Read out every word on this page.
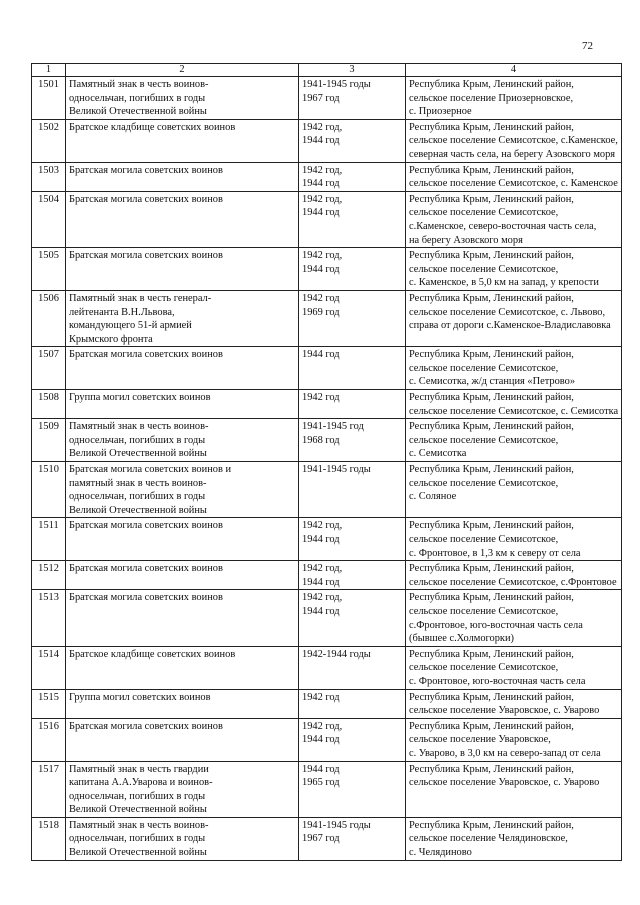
72
1	2	3	4
1501	Памятный знак в честь воинов-
односельчан, погибших в годы
Великой Отечественной войны	1941-1945 годы
1967 год	Республика Крым, Ленинский район,
сельское поселение Приозерновское,
с. Приозерное

1502	Братское кладбище советских воинов	1942 год,
1944 год	Республика Крым, Ленинский район,
сельское поселение Семисотское, с.Каменское,
северная часть села, на берегу Азовского моря

1503	Братская могила советских воинов	1942 год,
1944 год	Республика Крым, Ленинский район,
сельское поселение Семисотское, с. Каменское

1504	Братская могила советских воинов	1942 год,
1944 год	Республика Крым, Ленинский район,
сельское поселение Семисотское,
с.Каменское, северо-восточная часть села,
на берегу Азовского моря

1505	Братская могила советских воинов	1942 год,
1944 год	Республика Крым, Ленинский район,
сельское поселение Семисотское,
с. Каменское, в 5,0 км на запад, у крепости

1506	Памятный знак в честь генерал-
лейтенанта В.Н.Львова,
командующего 51-й армией
Крымского фронта	1942 год
1969 год	Республика Крым, Ленинский район,
сельское поселение Семисотское, с. Львово,
справа от дороги с.Каменское-Владиславовка

1507	Братская могила советских воинов	1944 год	Республика Крым, Ленинский район,
сельское поселение Семисотское,
с. Семисотка, ж/д станция «Петрово»

1508	Группа могил советских воинов	1942 год	Республика Крым, Ленинский район,
сельское поселение Семисотское, с. Семисотка

1509	Памятный знак в честь воинов-
односельчан, погибших в годы
Великой Отечественной войны	1941-1945 год
1968 год	Республика Крым, Ленинский район,
сельское поселение Семисотское,
с. Семисотка

1510	Братская могила советских воинов и
памятный знак в честь воинов-
односельчан, погибших в годы
Великой Отечественной войны	1941-1945 годы	Республика Крым, Ленинский район,
сельское поселение Семисотское,
с. Соляное

1511	Братская могила советских воинов	1942 год,
1944 год	Республика Крым, Ленинский район,
сельское поселение Семисотское,
с. Фронтовое, в 1,3 км к северу от села

1512	Братская могила советских воинов	1942 год,
1944 год	Республика Крым, Ленинский район,
сельское поселение Семисотское, с.Фронтовое

1513	Братская могила советских воинов	1942 год,
1944 год	Республика Крым, Ленинский район,
сельское поселение Семисотское,
с.Фронтовое, юго-восточная часть села
(бывшее с.Холмогорки)

1514	Братское кладбище советских воинов	1942-1944 годы	Республика Крым, Ленинский район,
сельское поселение Семисотское,
с. Фронтовое, юго-восточная часть села

1515	Группа могил советских воинов	1942 год	Республика Крым, Ленинский район,
сельское поселение Уваровское, с. Уварово

1516	Братская могила советских воинов	1942 год,
1944 год	Республика Крым, Ленинский район,
сельское поселение Уваровское,
с. Уварово, в 3,0 км на северо-запад от села

1517	Памятный знак в честь гвардии
капитана А.А.Уварова и воинов-
односельчан, погибших в годы
Великой Отечественной войны	1944 год
1965 год	Республика Крым, Ленинский район,
сельское поселение Уваровское, с. Уварово

1518	Памятный знак в честь воинов-
односельчан, погибших в годы
Великой Отечественной войны	1941-1945 годы
1967 год	Республика Крым, Ленинский район,
сельское поселение Челядиновское,
с. Челядиново
